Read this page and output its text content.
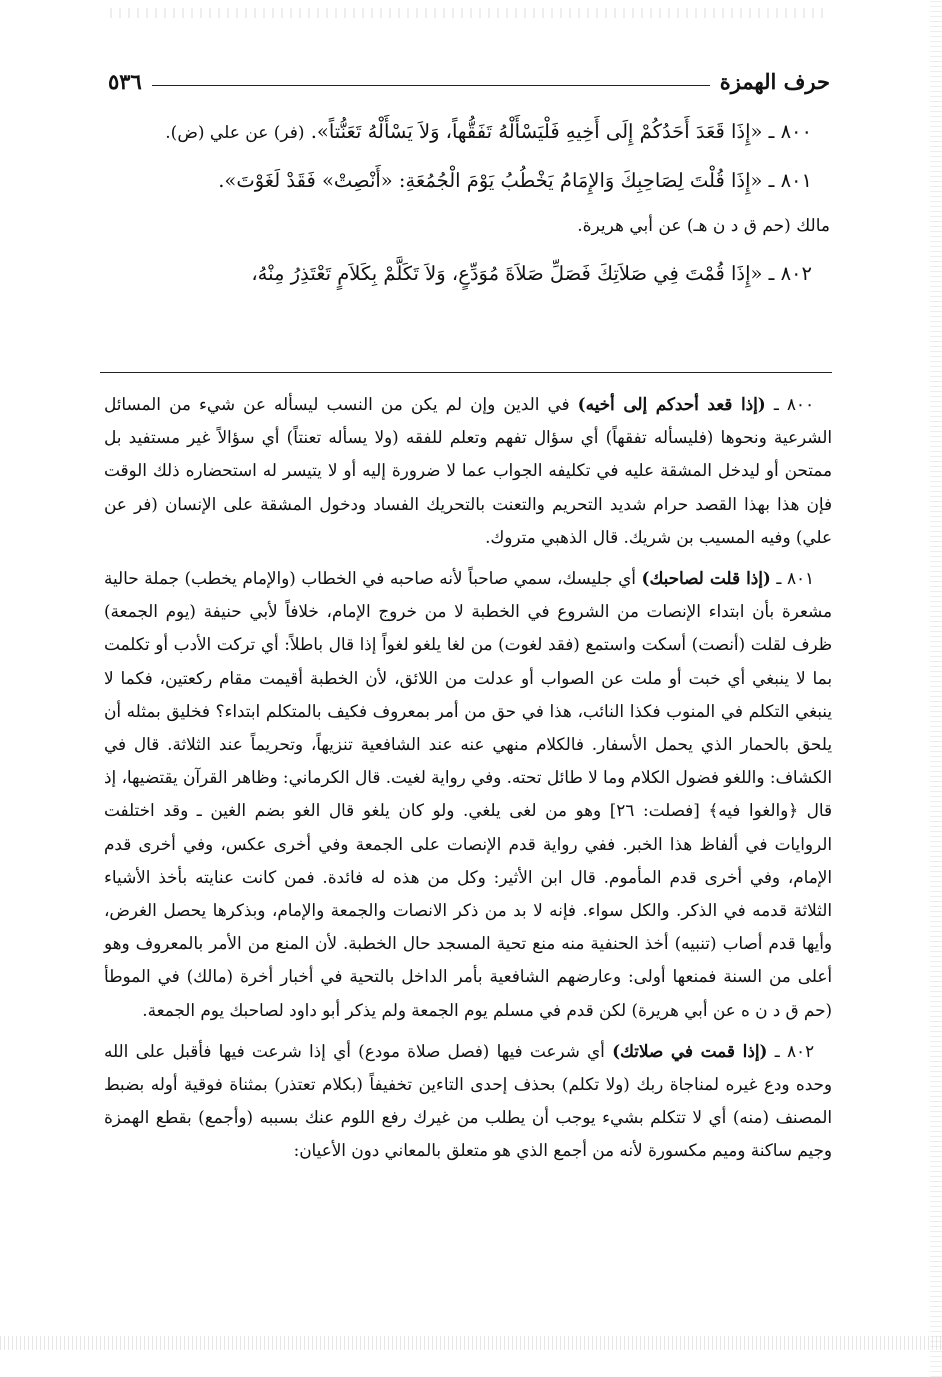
حرف الهمزة
٥٣٦

٨٠٠ ـ «إِذَا قَعَدَ أَحَدُكُمْ إِلَى أَخِيهِ فَلْيَسْأَلْهُ تَفَقُّهاً، وَلاَ يَسْأَلْهُ تَعَنُّتاً». (فر) عن علي (ض).

٨٠١ ـ «إِذَا قُلْتَ لِصَاحِبِكَ وَالإِمَامُ يَخْطُبُ يَوْمَ الْجُمُعَةِ: «أَنْصِتْ» فَقَدْ لَغَوْتَ».
مالك (حم ق د ن هـ) عن أبي هريرة.

٨٠٢ ـ «إِذَا قُمْتَ فِي صَلاَتِكَ فَصَلِّ صَلاَةَ مُوَدِّعٍ، وَلاَ تَكَلَّمْ بِكَلاَمٍ تَعْتَذِرُ مِنْهُ،

٨٠٠ ـ (إذا قعد أحدكم إلى أخيه) في الدين وإن لم يكن من النسب ليسأله عن شيء من المسائل الشرعية ونحوها (فليسأله تفقهاً) أي سؤال تفهم وتعلم للفقه (ولا يسأله تعنتاً) أي سؤالاً غير مستفيد بل ممتحن أو ليدخل المشقة عليه في تكليفه الجواب عما لا ضرورة إليه أو لا يتيسر له استحضاره ذلك الوقت فإن هذا بهذا القصد حرام شديد التحريم والتعنت بالتحريك الفساد ودخول المشقة على الإنسان (فر عن علي) وفيه المسيب بن شريك. قال الذهبي متروك.

٨٠١ ـ (إذا قلت لصاحبك) أي جليسك، سمي صاحباً لأنه صاحبه في الخطاب (والإمام يخطب) جملة حالية مشعرة بأن ابتداء الإنصات من الشروع في الخطبة لا من خروج الإمام، خلافاً لأبي حنيفة (يوم الجمعة) ظرف لقلت (أنصت) أسكت واستمع (فقد لغوت) من لغا يلغو لغواً إذا قال باطلاً: أي تركت الأدب أو تكلمت بما لا ينبغي أي خبت أو ملت عن الصواب أو عدلت من اللائق، لأن الخطبة أقيمت مقام ركعتين، فكما لا ينبغي التكلم في المنوب فكذا النائب، هذا في حق من أمر بمعروف فكيف بالمتكلم ابتداء؟ فخليق بمثله أن يلحق بالحمار الذي يحمل الأسفار. فالكلام منهي عنه عند الشافعية تنزيهاً، وتحريماً عند الثلاثة. قال في الكشاف: واللغو فضول الكلام وما لا طائل تحته. وفي رواية لغيت. قال الكرماني: وظاهر القرآن يقتضيها، إذ قال ﴿والغوا فيه﴾ [فصلت: ٢٦] وهو من لغى يلغي. ولو كان يلغو قال الغو بضم الغين ـ وقد اختلفت الروايات في ألفاظ هذا الخبر. ففي رواية قدم الإنصات على الجمعة وفي أخرى عكس، وفي أخرى قدم الإمام، وفي أخرى قدم المأموم. قال ابن الأثير: وكل من هذه له فائدة. فمن كانت عنايته بأخذ الأشياء الثلاثة قدمه في الذكر. والكل سواء. فإنه لا بد من ذكر الانصات والجمعة والإمام، وبذكرها يحصل الغرض، وأيها قدم أصاب (تنبيه) أخذ الحنفية منه منع تحية المسجد حال الخطبة. لأن المنع من الأمر بالمعروف وهو أعلى من السنة فمنعها أولى: وعارضهم الشافعية بأمر الداخل بالتحية في أخبار أخرة (مالك) في الموطأ (حم ق د ن ه عن أبي هريرة) لكن قدم في مسلم يوم الجمعة ولم يذكر أبو داود لصاحبك يوم الجمعة.

٨٠٢ ـ (إذا قمت في صلاتك) أي شرعت فيها (فصل صلاة مودع) أي إذا شرعت فيها فأقبل على الله وحده ودع غيره لمناجاة ربك (ولا تكلم) بحذف إحدى التاءين تخفيفاً (بكلام تعتذر) بمثناة فوقية أوله بضبط المصنف (منه) أي لا تتكلم بشيء يوجب أن يطلب من غيرك رفع اللوم عنك بسببه (وأجمع) بقطع الهمزة وجيم ساكنة وميم مكسورة لأنه من أجمع الذي هو متعلق بالمعاني دون الأعيان:
